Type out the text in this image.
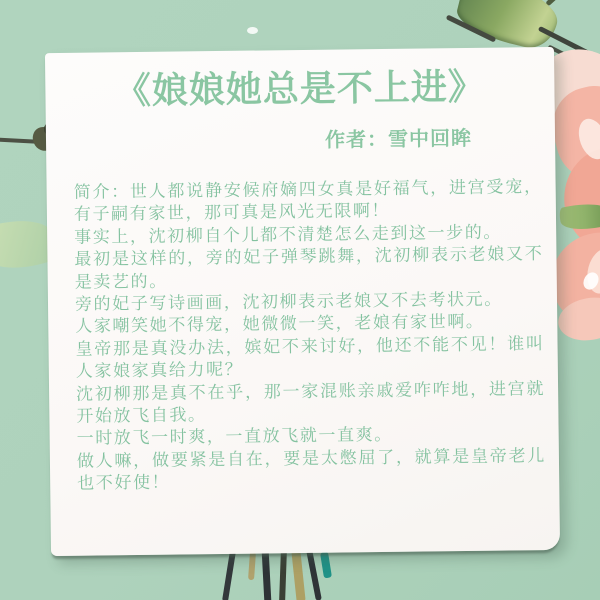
《娘娘她总是不上进》
作者：雪中回眸

简介：世人都说静安候府嫡四女真是好福气，进宫受宠，有子嗣有家世，那可真是风光无限啊！

事实上，沈初柳自个儿都不清楚怎么走到这一步的。

最初是这样的，旁的妃子弹琴跳舞，沈初柳表示老娘又不是卖艺的。

旁的妃子写诗画画，沈初柳表示老娘又不去考状元。

人家嘲笑她不得宠，她微微一笑，老娘有家世啊。

皇帝那是真没办法，嫔妃不来讨好，他还不能不见！谁叫人家娘家真给力呢？

沈初柳那是真不在乎，那一家混账亲戚爱咋咋地，进宫就开始放飞自我。

一时放飞一时爽，一直放飞就一直爽。

做人嘛，做要紧是自在，要是太憋屈了，就算是皇帝老儿也不好使！
